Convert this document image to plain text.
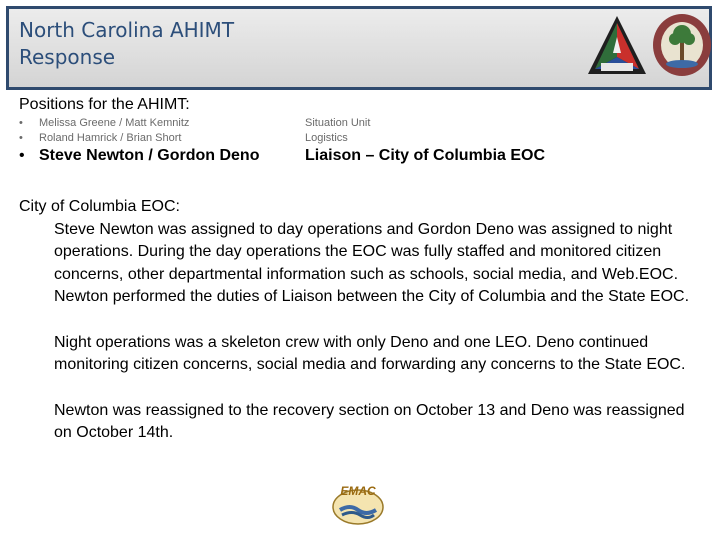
North Carolina AHIMT
Response
Positions for the AHIMT:
• Melissa Greene / Matt Kemnitz	Situation Unit
• Roland Hamrick / Brian Short	Logistics
• Steve Newton / Gordon Deno	Liaison – City of Columbia EOC

City of Columbia EOC:

Steve Newton was assigned to day operations and Gordon Deno was assigned to night operations. During the day operations the EOC was fully staffed and monitored citizen concerns, other departmental information such as schools, social media, and Web.EOC. Newton performed the duties of Liaison between the City of Columbia and the State EOC.

Night operations was a skeleton crew with only Deno and one LEO. Deno continued monitoring citizen concerns, social media and forwarding any concerns to the State EOC.

Newton was reassigned to the recovery section on October 13 and Deno was reassigned on October 14th.

EMAC
